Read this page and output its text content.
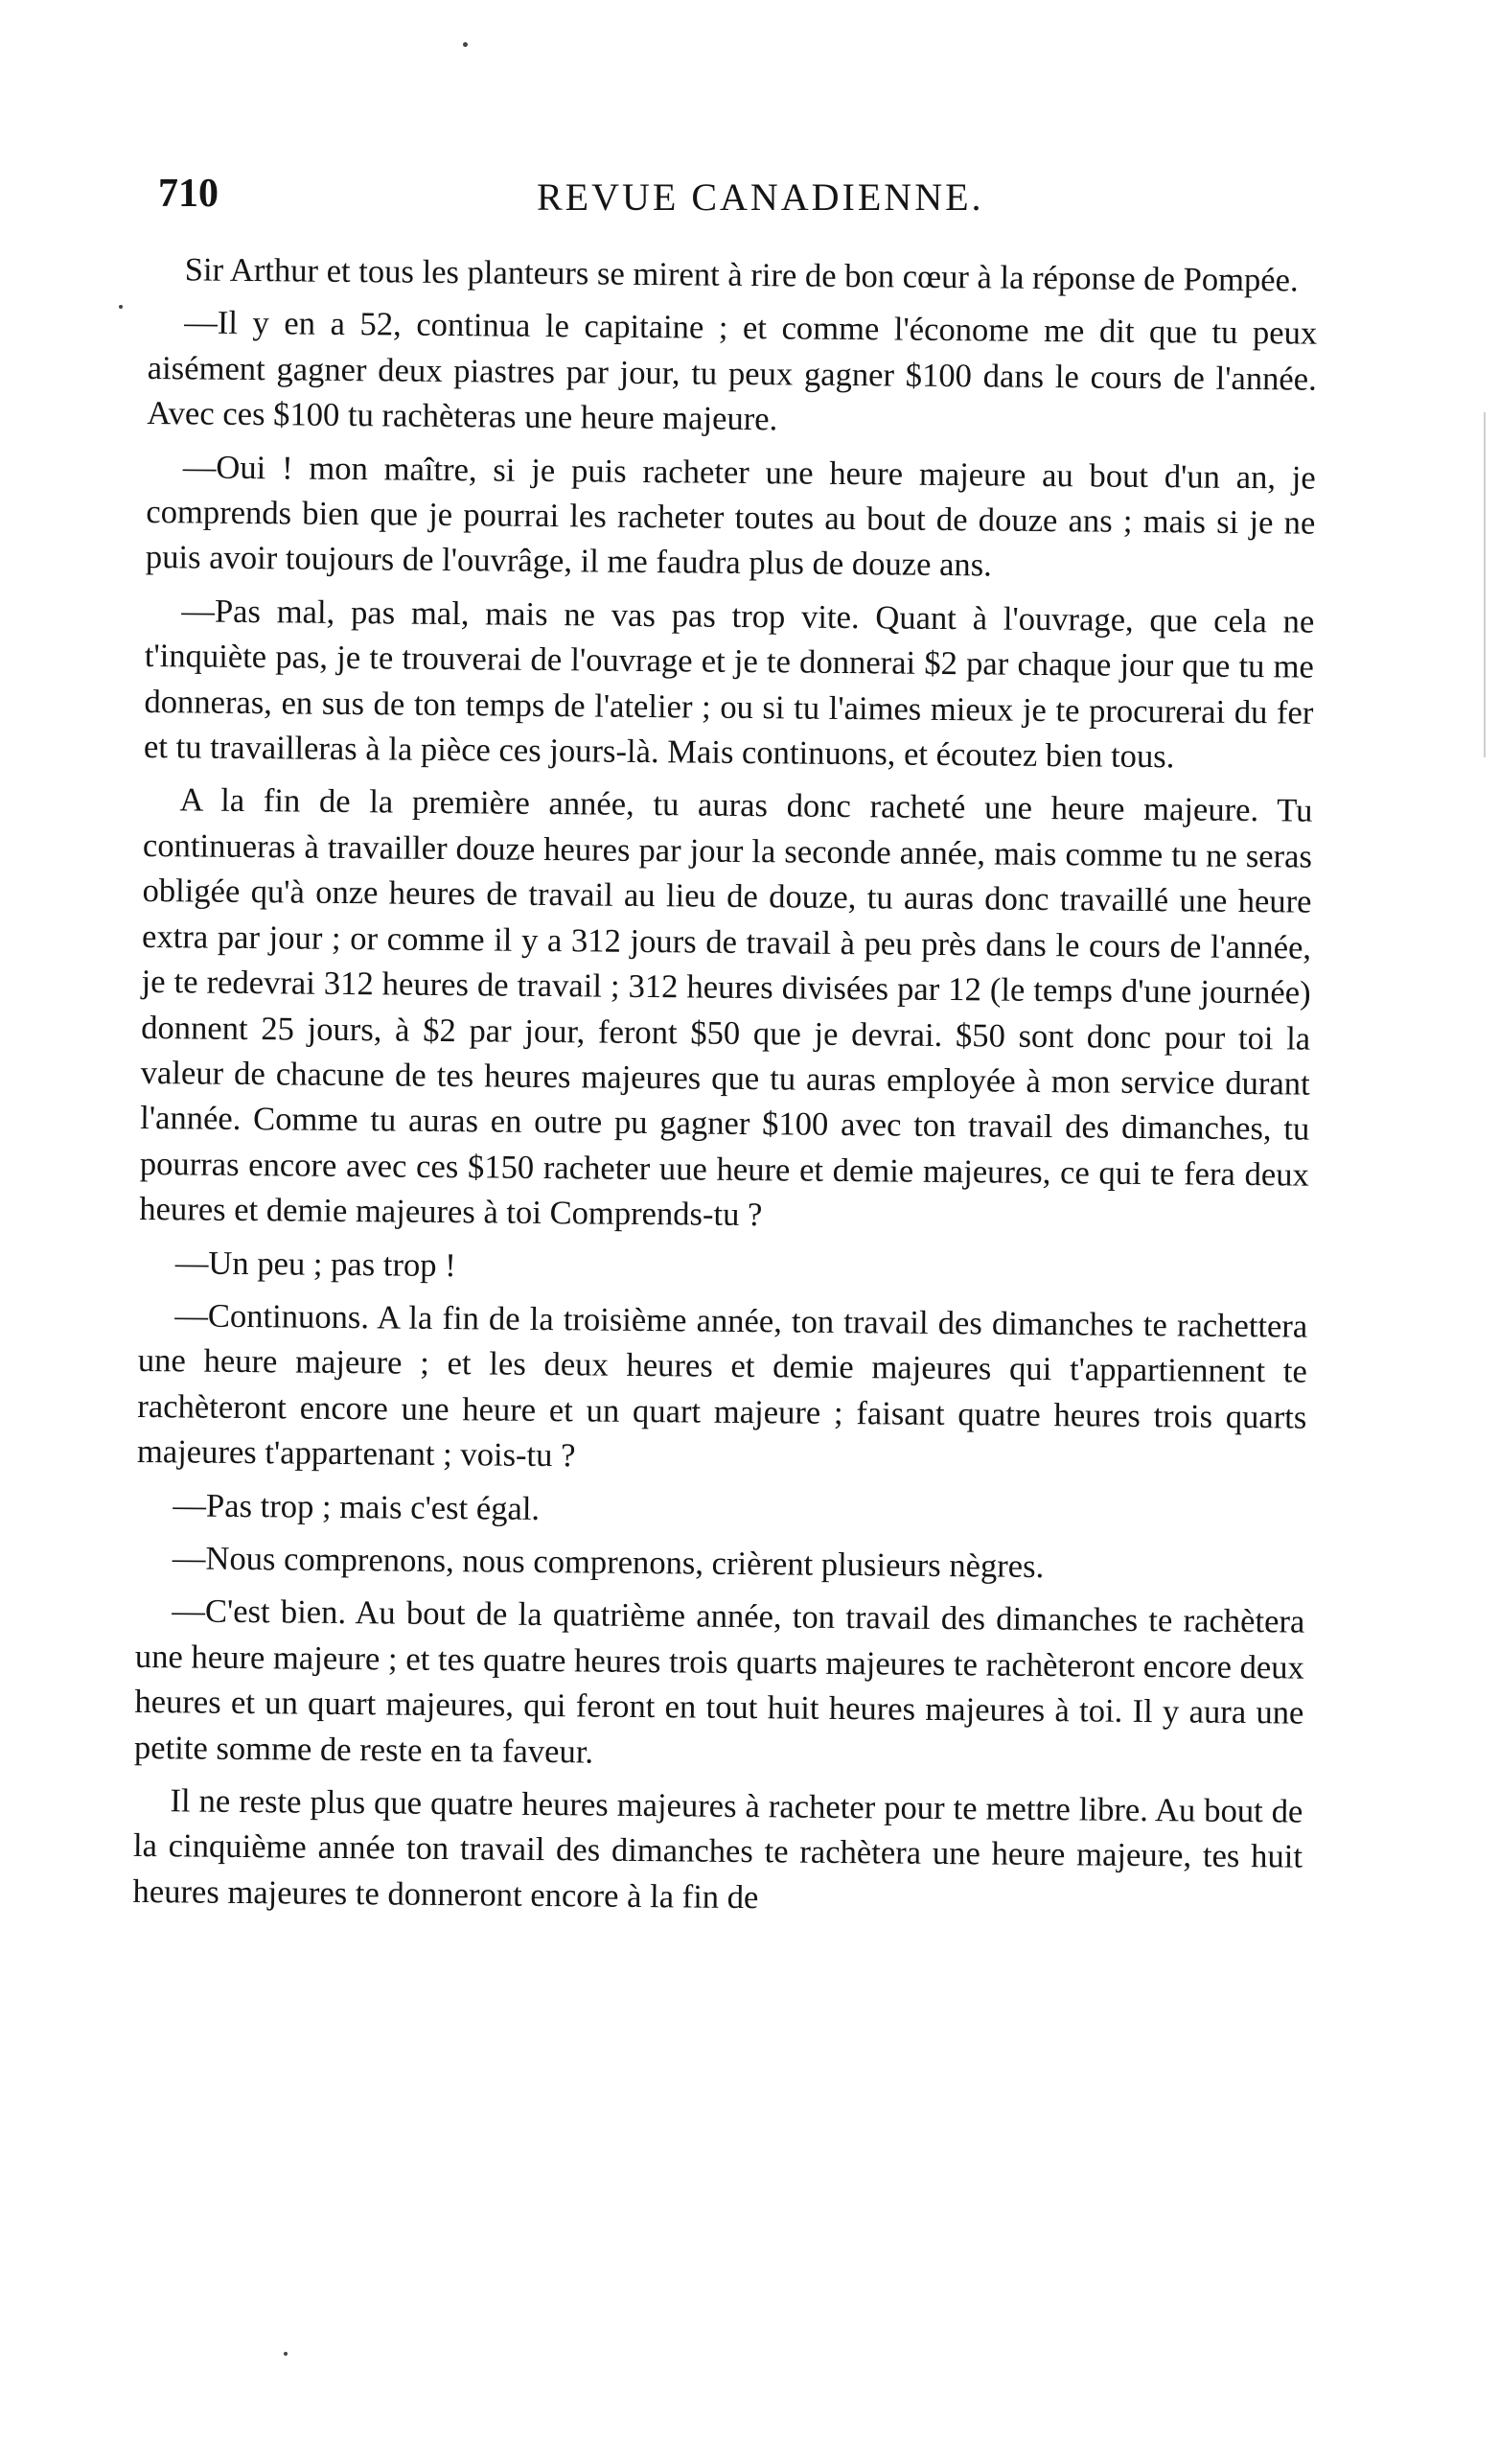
710	REVUE CANADIENNE.

Sir Arthur et tous les planteurs se mirent à rire de bon cœur à la réponse de Pompée.

—Il y en a 52, continua le capitaine ; et comme l'économe me dit que tu peux aisément gagner deux piastres par jour, tu peux gagner $100 dans le cours de l'année. Avec ces $100 tu rachèteras une heure majeure.

—Oui ! mon maître, si je puis racheter une heure majeure au bout d'un an, je comprends bien que je pourrai les racheter toutes au bout de douze ans ; mais si je ne puis avoir toujours de l'ouvrâge, il me faudra plus de douze ans.

—Pas mal, pas mal, mais ne vas pas trop vite. Quant à l'ouvrage, que cela ne t'inquiète pas, je te trouverai de l'ouvrage et je te donnerai $2 par chaque jour que tu me donneras, en sus de ton temps de l'atelier ; ou si tu l'aimes mieux je te procurerai du fer et tu travailleras à la pièce ces jours-là. Mais continuons, et écoutez bien tous.

A la fin de la première année, tu auras donc racheté une heure majeure. Tu continueras à travailler douze heures par jour la seconde année, mais comme tu ne seras obligée qu'à onze heures de travail au lieu de douze, tu auras donc travaillé une heure extra par jour ; or comme il y a 312 jours de travail à peu près dans le cours de l'année, je te redevrai 312 heures de travail ; 312 heures divisées par 12 (le temps d'une journée) donnent 25 jours, à $2 par jour, feront $50 que je devrai. $50 sont donc pour toi la valeur de chacune de tes heures majeures que tu auras employée à mon service durant l'année. Comme tu auras en outre pu gagner $100 avec ton travail des dimanches, tu pourras encore avec ces $150 racheter uue heure et demie majeures, ce qui te fera deux heures et demie majeures à toi Comprends-tu ?

—Un peu ; pas trop !

—Continuons. A la fin de la troisième année, ton travail des dimanches te rachettera une heure majeure ; et les deux heures et demie majeures qui t'appartiennent te rachèteront encore une heure et un quart majeure ; faisant quatre heures trois quarts majeures t'appartenant ; vois-tu ?

—Pas trop ; mais c'est égal.

—Nous comprenons, nous comprenons, crièrent plusieurs nègres.

—C'est bien. Au bout de la quatrième année, ton travail des dimanches te rachètera une heure majeure ; et tes quatre heures trois quarts majeures te rachèteront encore deux heures et un quart majeures, qui feront en tout huit heures majeures à toi. Il y aura une petite somme de reste en ta faveur.

Il ne reste plus que quatre heures majeures à racheter pour te mettre libre. Au bout de la cinquième année ton travail des dimanches te rachètera une heure majeure, tes huit heures majeures te donneront encore à la fin de
